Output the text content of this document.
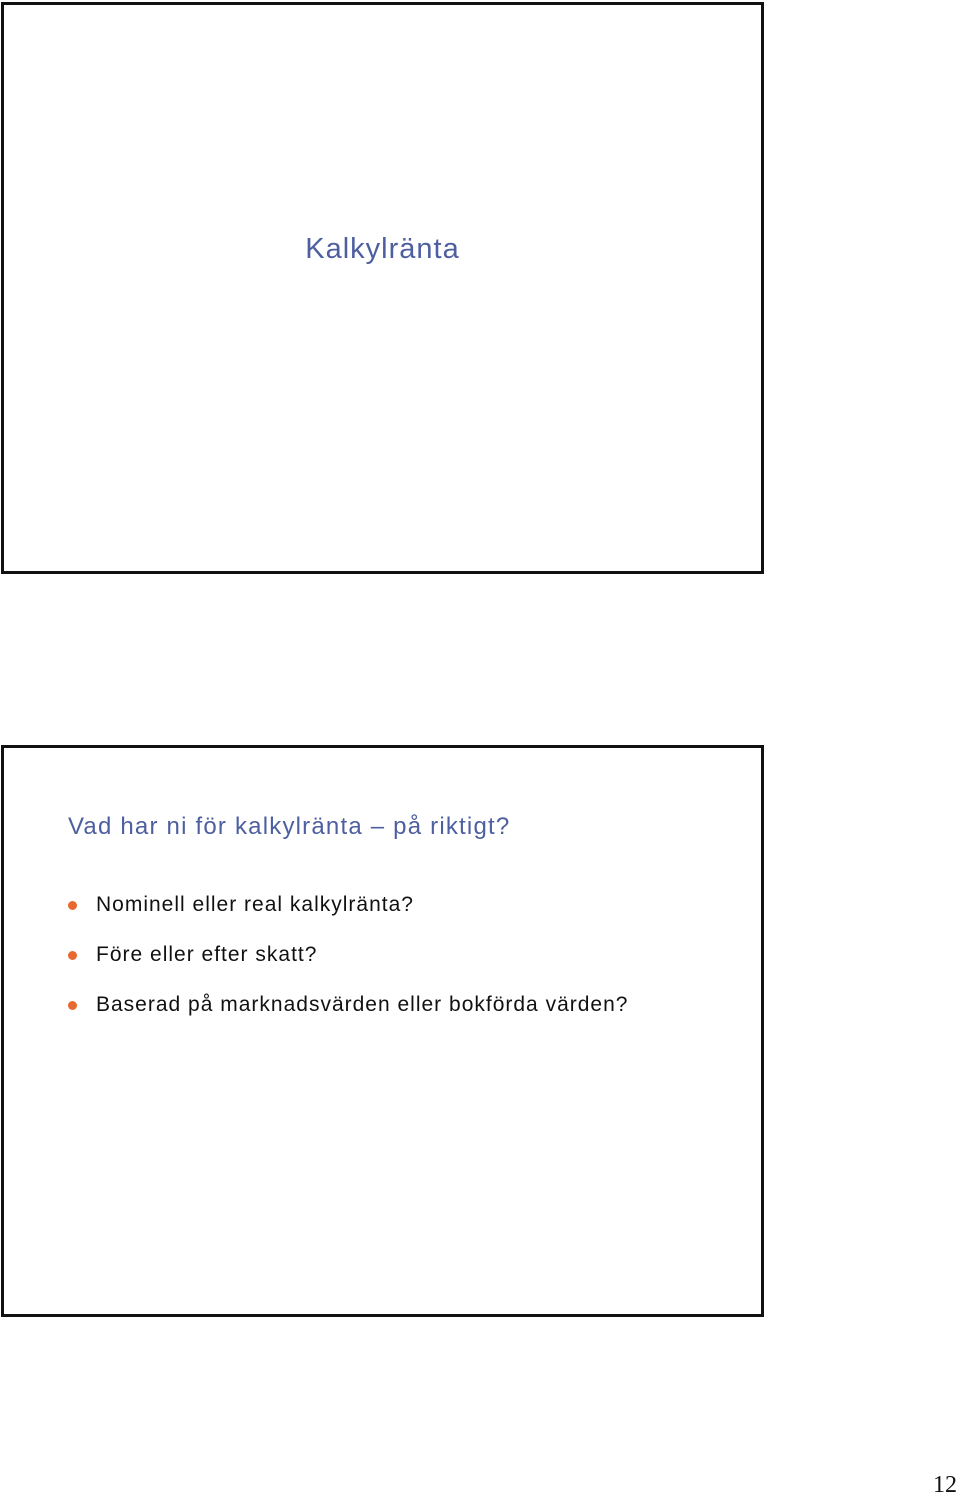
Kalkylränta
Vad har ni för kalkylränta – på riktigt?
Nominell eller real kalkylränta?
Före eller efter skatt?
Baserad på marknadsvärden eller bokförda värden?
12
